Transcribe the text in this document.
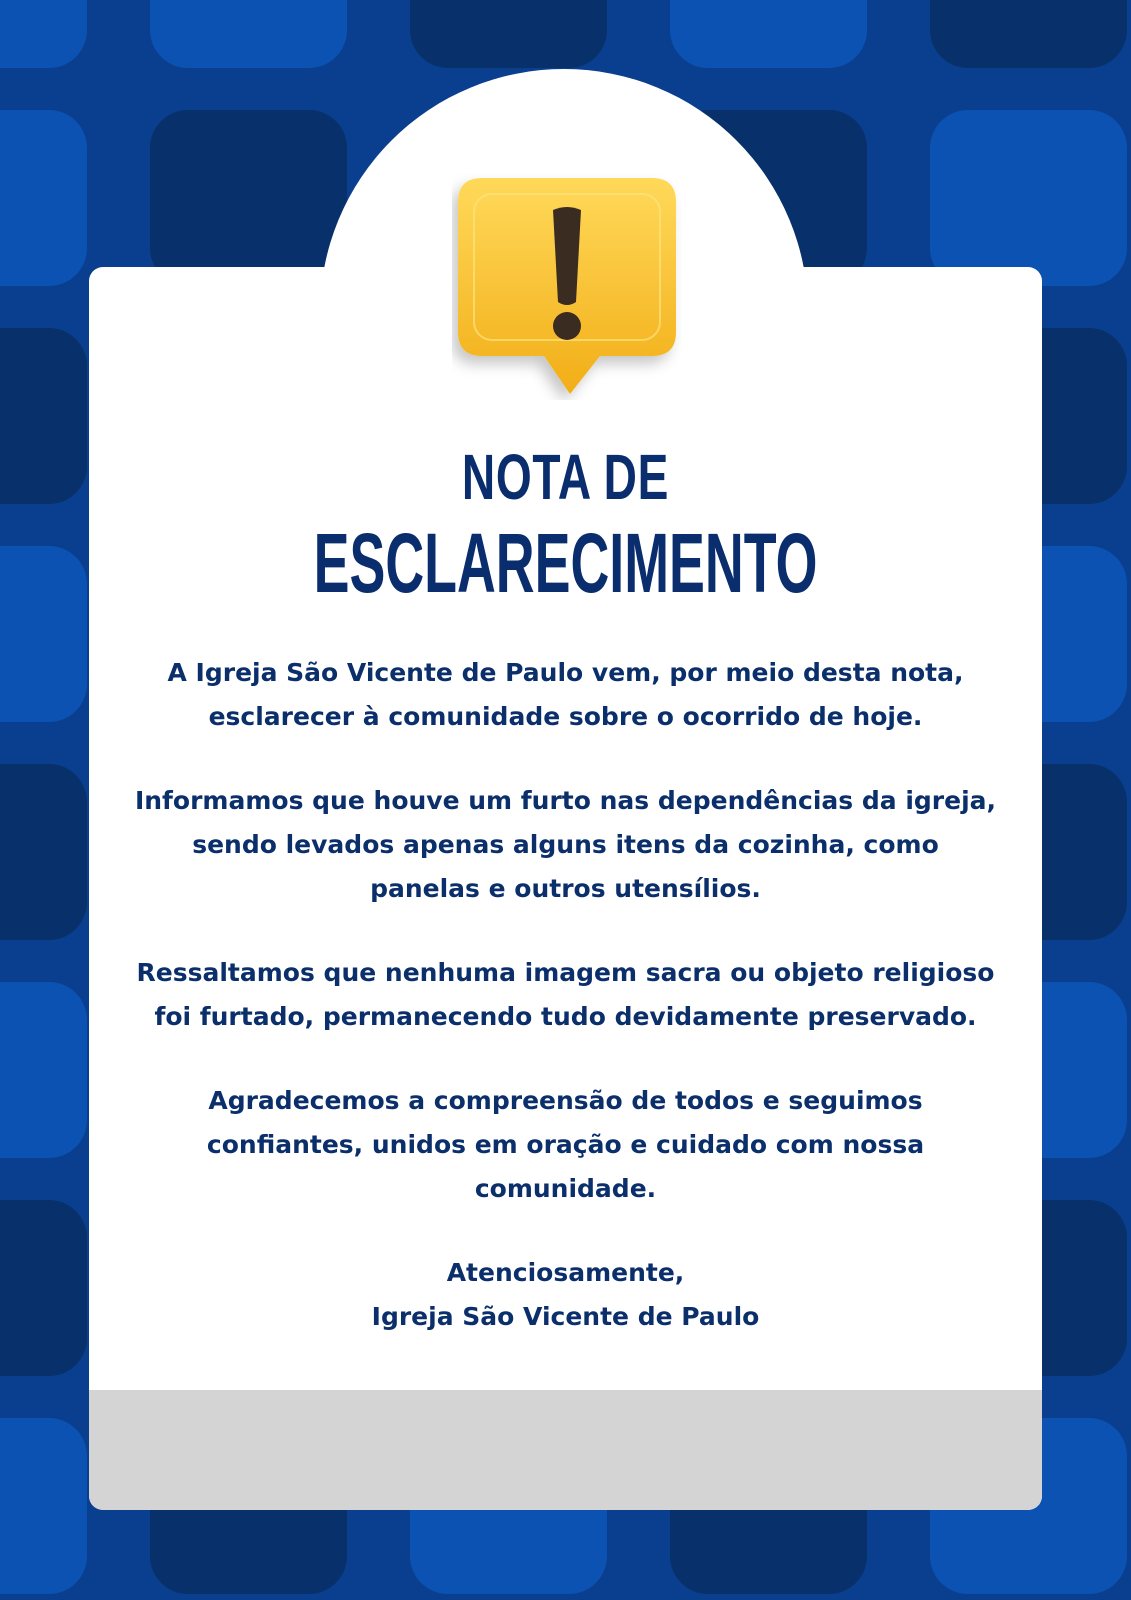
NOTA DE
ESCLARECIMENTO

A Igreja São Vicente de Paulo vem, por meio desta nota,
esclarecer à comunidade sobre o ocorrido de hoje.

Informamos que houve um furto nas dependências da igreja,
sendo levados apenas alguns itens da cozinha, como
panelas e outros utensílios.

Ressaltamos que nenhuma imagem sacra ou objeto religioso
foi furtado, permanecendo tudo devidamente preservado.

Agradecemos a compreensão de todos e seguimos
confiantes, unidos em oração e cuidado com nossa
comunidade.

Atenciosamente,
Igreja São Vicente de Paulo
